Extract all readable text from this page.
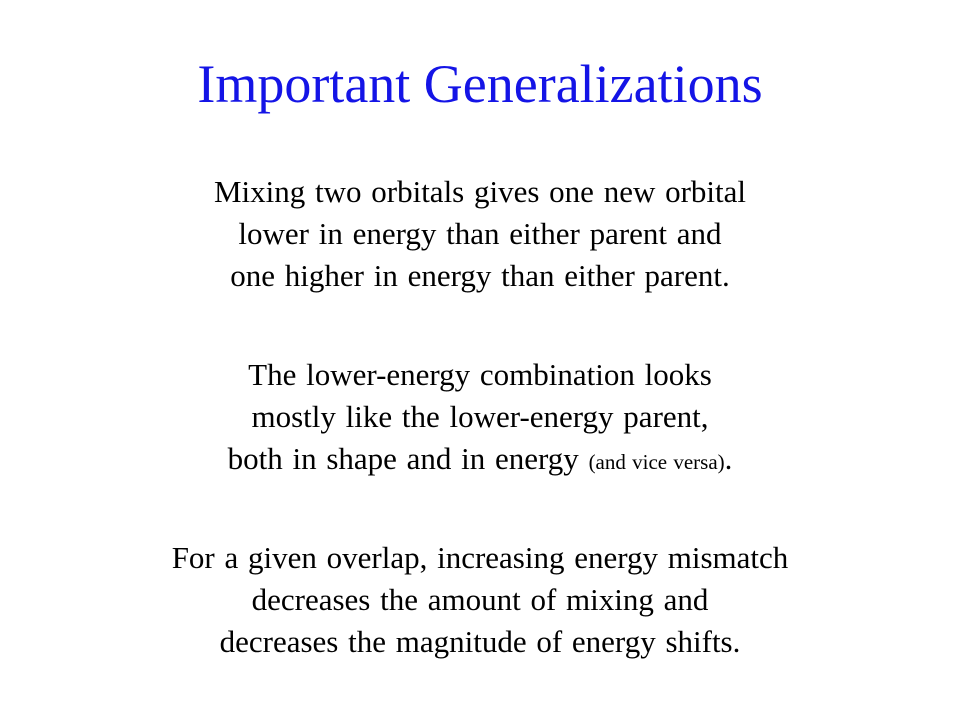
Important Generalizations
Mixing two orbitals gives one new orbital
lower in energy than either parent and
one higher in energy than either parent.
The lower-energy combination looks
mostly like the lower-energy parent,
both in shape and in energy (and vice versa).
For a given overlap, increasing energy mismatch
decreases the amount of mixing and
decreases the magnitude of energy shifts.
